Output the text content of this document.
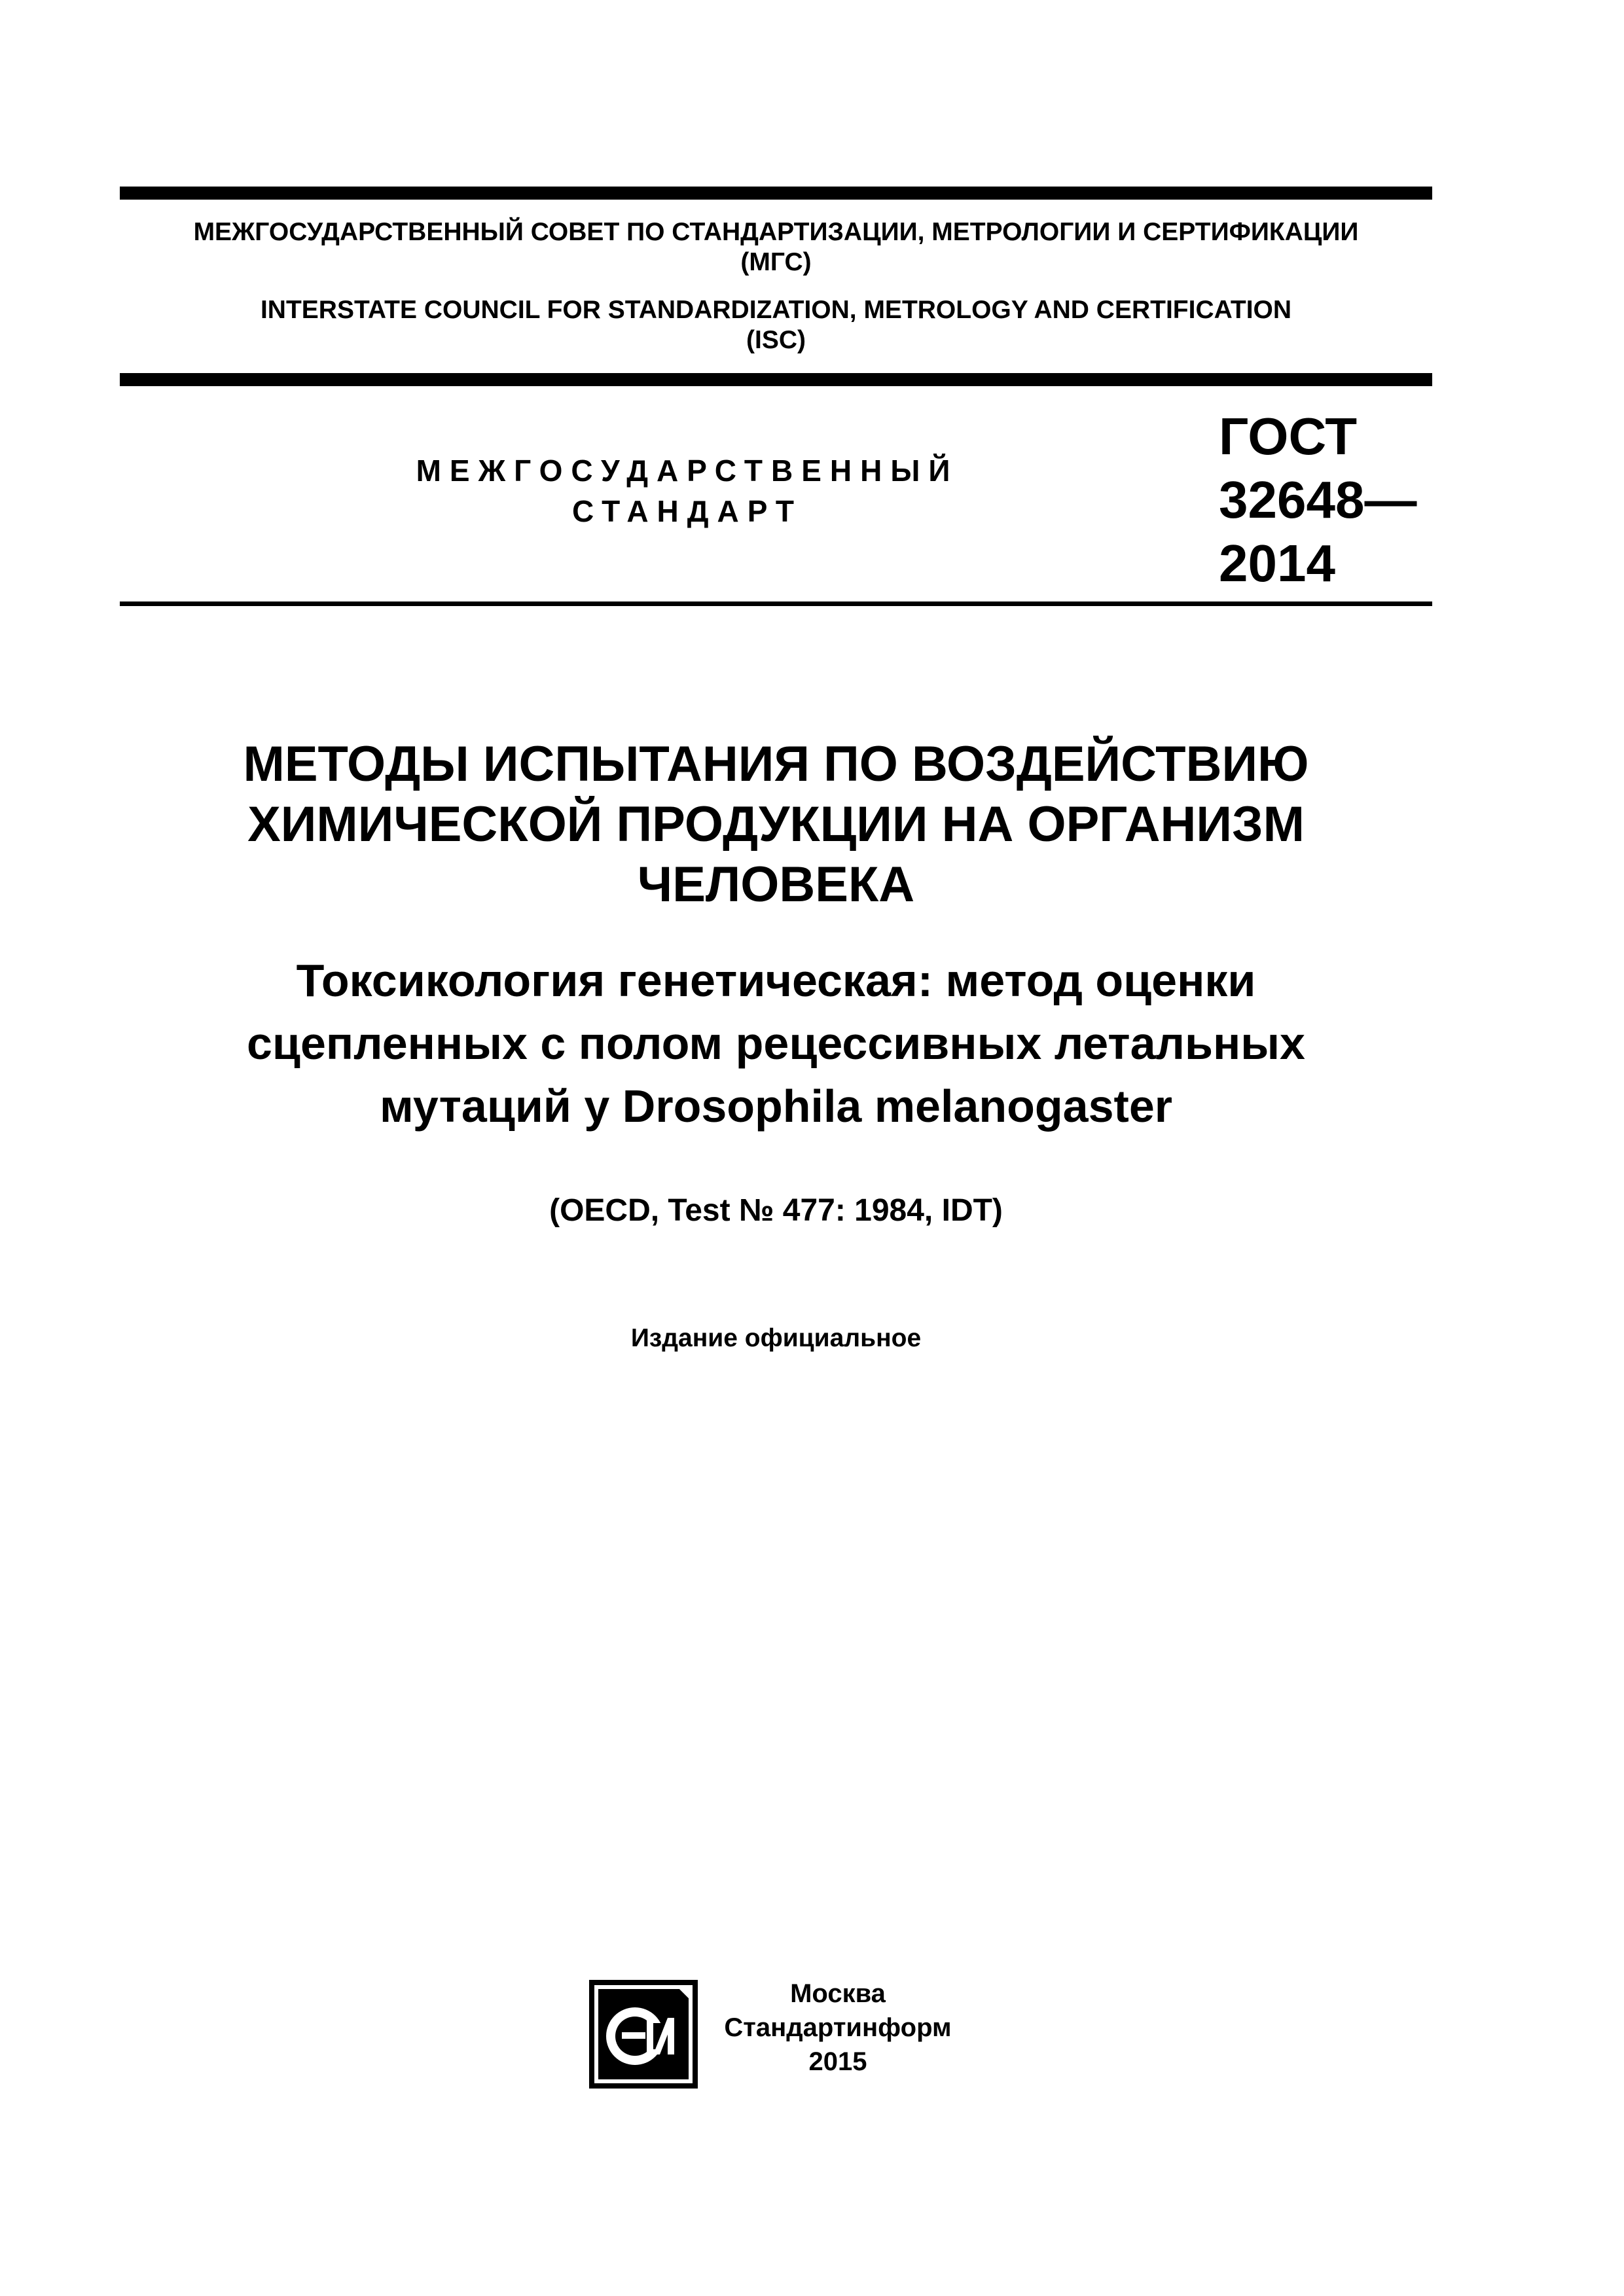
МЕЖГОСУДАРСТВЕННЫЙ СОВЕТ ПО СТАНДАРТИЗАЦИИ, МЕТРОЛОГИИ И СЕРТИФИКАЦИИ
(МГС)
INTERSTATE COUNCIL FOR STANDARDIZATION, METROLOGY AND CERTIFICATION
(ISC)
МЕЖГОСУДАРСТВЕННЫЙ
СТАНДАРТ
ГОСТ
32648—
2014
МЕТОДЫ ИСПЫТАНИЯ ПО ВОЗДЕЙСТВИЮ
ХИМИЧЕСКОЙ ПРОДУКЦИИ НА ОРГАНИЗМ
ЧЕЛОВЕКА
Токсикология генетическая: метод оценки
сцепленных с полом рецессивных летальных
мутаций у Drosophila melanogaster
(OECD, Test № 477: 1984, IDT)
Издание официальное
Москва
Стандартинформ
2015
